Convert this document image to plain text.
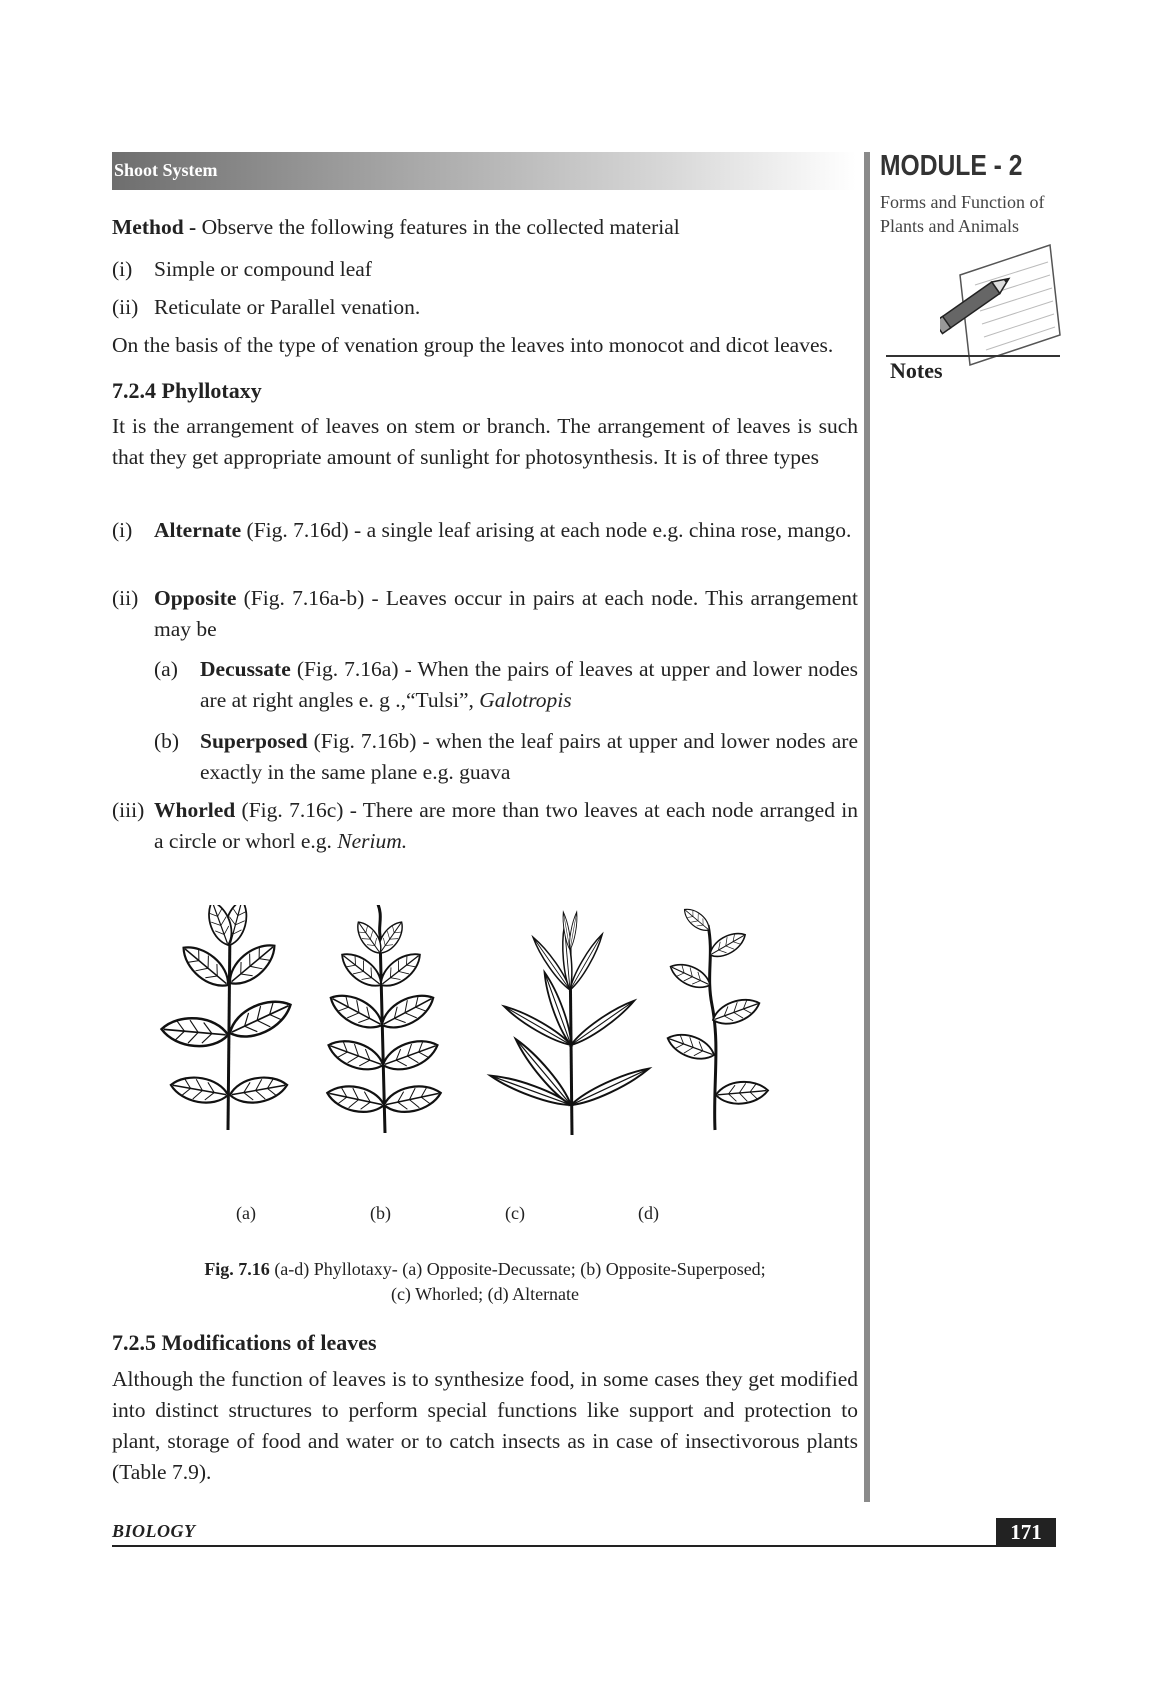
Shoot System	MODULE - 2
Forms and Function of
Plants and Animals
Notes

Method - Observe the following features in the collected material

(i) Simple or compound leaf
(ii) Reticulate or Parallel venation.

On the basis of the type of venation group the leaves into monocot and dicot leaves.

7.2.4 Phyllotaxy

It is the arrangement of leaves on stem or branch. The arrangement of leaves is such that they get appropriate amount of sunlight for photosynthesis. It is of three types

(i) Alternate (Fig. 7.16d) - a single leaf arising at each node e.g. china rose, mango.
(ii) Opposite (Fig. 7.16a-b) - Leaves occur in pairs at each node. This arrangement may be
(a) Decussate (Fig. 7.16a) - When the pairs of leaves at upper and lower nodes are at right angles e. g .,“Tulsi”, Galotropis
(b) Superposed (Fig. 7.16b) - when the leaf pairs at upper and lower nodes are exactly in the same plane e.g. guava
(iii) Whorled (Fig. 7.16c) - There are more than two leaves at each node arranged in a circle or whorl e.g. Nerium.
(a)	(b)	(c)	(d)
Fig. 7.16 (a-d) Phyllotaxy- (a) Opposite-Decussate; (b) Opposite-Superposed;
(c) Whorled; (d) Alternate
7.2.5 Modifications of leaves

Although the function of leaves is to synthesize food, in some cases they get modified into distinct structures to perform special functions like support and protection to plant, storage of food and water or to catch insects as in case of insectivorous plants (Table 7.9).

BIOLOGY	171
